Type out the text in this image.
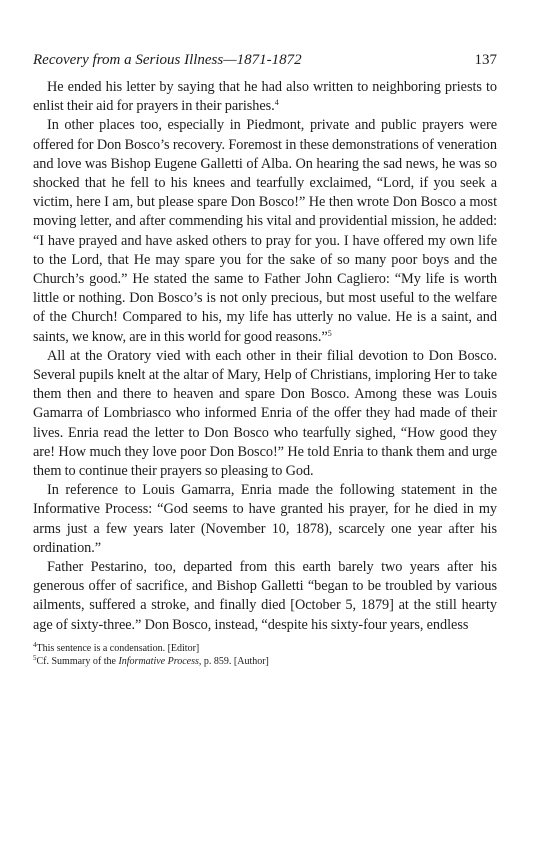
Recovery from a Serious Illness—1871-1872	137

He ended his letter by saying that he had also written to neighboring priests to enlist their aid for prayers in their parishes.$^4$

In other places too, especially in Piedmont, private and public prayers were offered for Don Bosco’s recovery. Foremost in these demonstrations of veneration and love was Bishop Eugene Galletti of Alba. On hearing the sad news, he was so shocked that he fell to his knees and tearfully exclaimed, “Lord, if you seek a victim, here I am, but please spare Don Bosco!” He then wrote Don Bosco a most moving letter, and after commending his vital and providential mission, he added: “I have prayed and have asked others to pray for you. I have offered my own life to the Lord, that He may spare you for the sake of so many poor boys and the Church’s good.” He stated the same to Father John Cagliero: “My life is worth little or nothing. Don Bosco’s is not only precious, but most useful to the welfare of the Church! Compared to his, my life has utterly no value. He is a saint, and saints, we know, are in this world for good reasons.”$^5$

All at the Oratory vied with each other in their filial devotion to Don Bosco. Several pupils knelt at the altar of Mary, Help of Christians, imploring Her to take them then and there to heaven and spare Don Bosco. Among these was Louis Gamarra of Lombriasco who informed Enria of the offer they had made of their lives. Enria read the letter to Don Bosco who tearfully sighed, “How good they are! How much they love poor Don Bosco!” He told Enria to thank them and urge them to continue their prayers so pleasing to God.

In reference to Louis Gamarra, Enria made the following statement in the Informative Process: “God seems to have granted his prayer, for he died in my arms just a few years later (November 10, 1878), scarcely one year after his ordination.”

Father Pestarino, too, departed from this earth barely two years after his generous offer of sacrifice, and Bishop Galletti “began to be troubled by various ailments, suffered a stroke, and finally died [October 5, 1879] at the still hearty age of sixty-three.” Don Bosco, instead, “despite his sixty-four years, endless

$^4$This sentence is a condensation. [Editor]

$^5$Cf. Summary of the Informative Process, p. 859. [Author]
